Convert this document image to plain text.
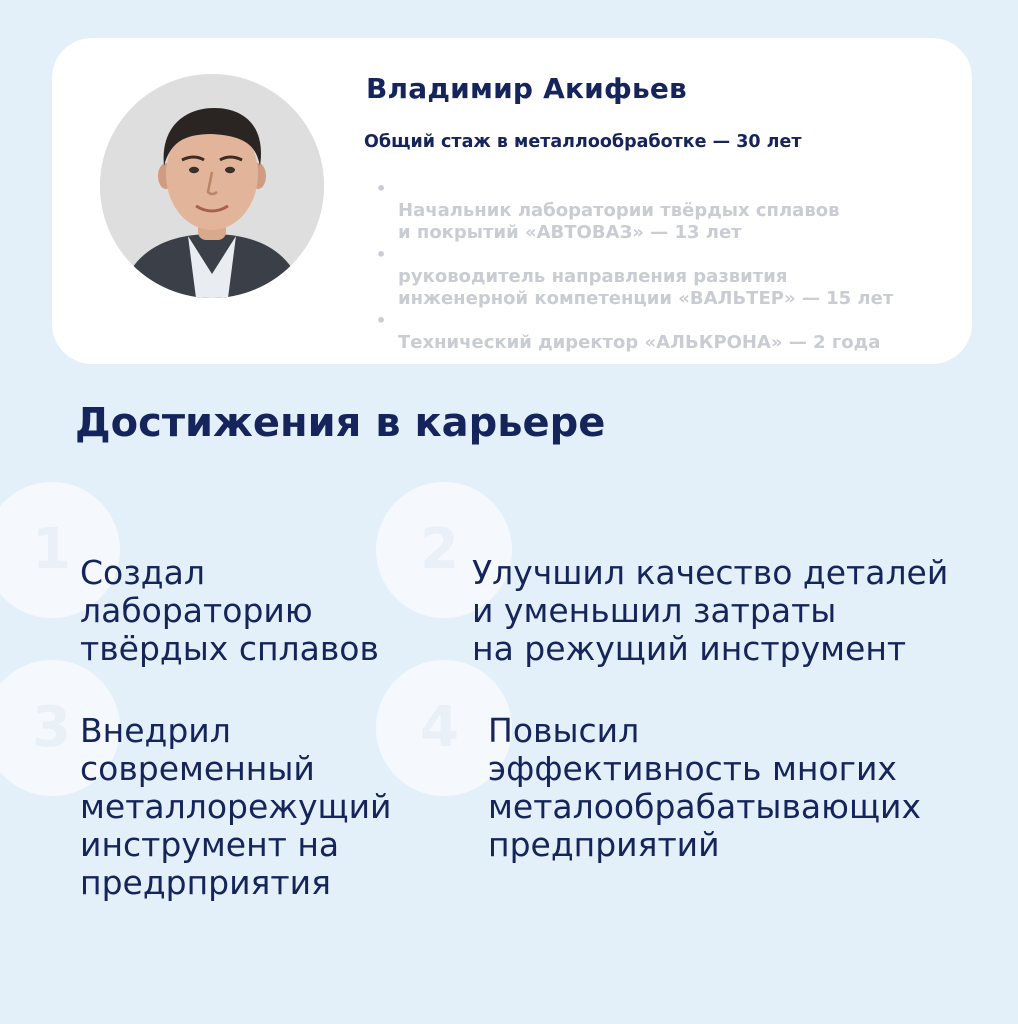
Владимир Акифьев
Общий стаж в металлообработке — 30 лет

•
Начальник лаборатории твёрдых сплавов
и покрытий «АВТОВАЗ» — 13 лет

•
руководитель направления развития
инженерной компетенции «ВАЛЬТЕР» — 15 лет

•
Технический директор «АЛЬКРОНА» — 2 года

Достижения в карьере
1	2
3	4
Создал
лабораторию
твёрдых сплавов
Улучшил качество деталей
и уменьшил затраты
на режущий инструмент
Внедрил
современный
металлорежущий
инструмент на
предрприятия
Повысил
эффективность многих
металообрабатывающих
предприятий
